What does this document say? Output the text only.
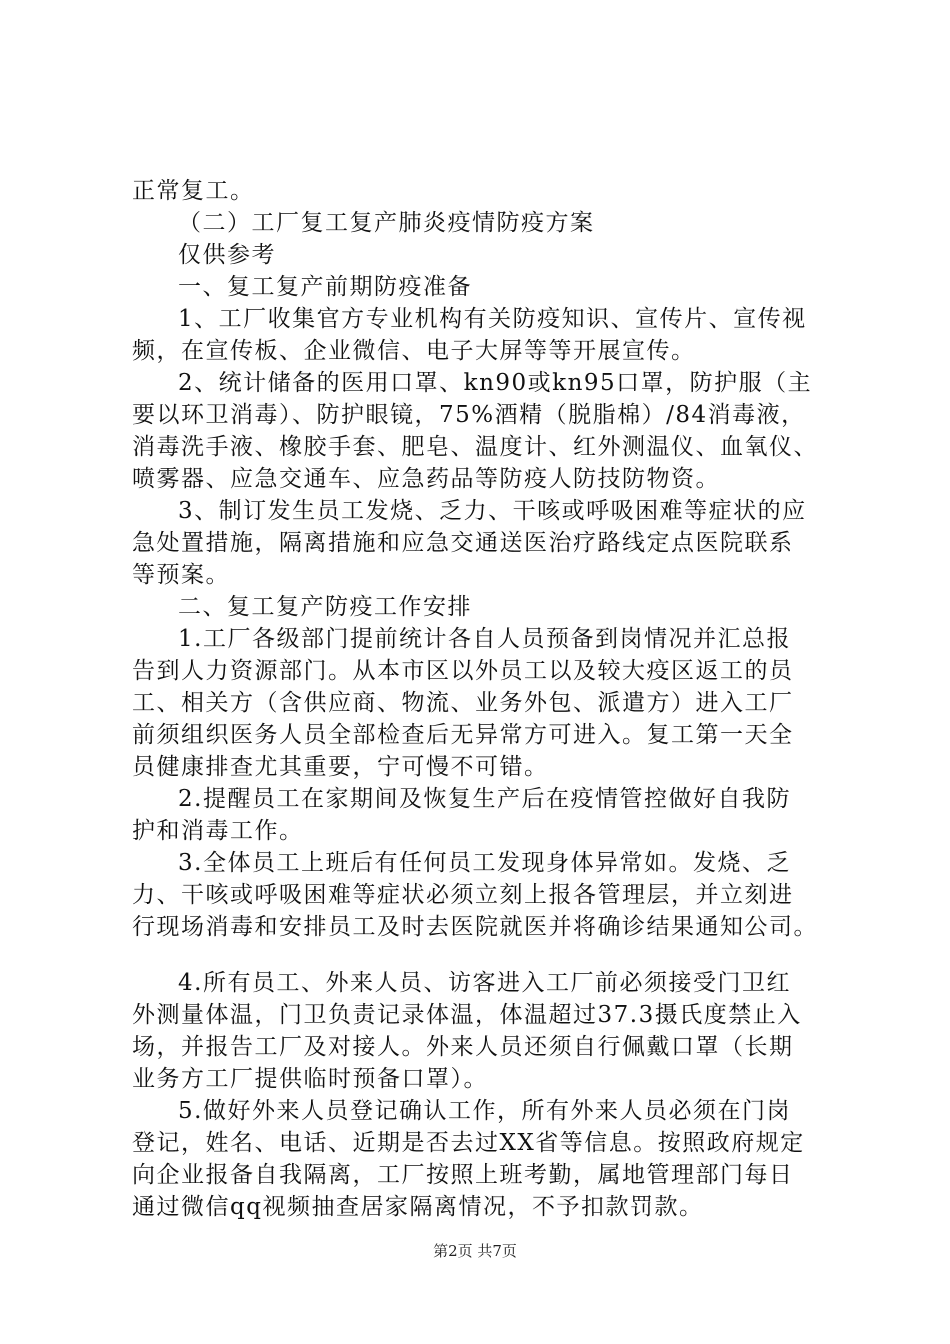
正常复工。
（二）工厂复工复产肺炎疫情防疫方案
仅供参考
一、复工复产前期防疫准备
1、工厂收集官方专业机构有关防疫知识、宣传片、宣传视
频，在宣传板、企业微信、电子大屏等等开展宣传。
2、统计储备的医用口罩、kn90或kn95口罩，防护服（主
要以环卫消毒）、防护眼镜，75%酒精（脱脂棉）/84消毒液，
消毒洗手液、橡胶手套、肥皂、温度计、红外测温仪、血氧仪、
喷雾器、应急交通车、应急药品等防疫人防技防物资。
3、制订发生员工发烧、乏力、干咳或呼吸困难等症状的应
急处置措施，隔离措施和应急交通送医治疗路线定点医院联系
等预案。
二、复工复产防疫工作安排
1.工厂各级部门提前统计各自人员预备到岗情况并汇总报
告到人力资源部门。从本市区以外员工以及较大疫区返工的员
工、相关方（含供应商、物流、业务外包、派遣方）进入工厂
前须组织医务人员全部检查后无异常方可进入。复工第一天全
员健康排查尤其重要，宁可慢不可错。
2.提醒员工在家期间及恢复生产后在疫情管控做好自我防
护和消毒工作。
3.全体员工上班后有任何员工发现身体异常如。发烧、乏
力、干咳或呼吸困难等症状必须立刻上报各管理层，并立刻进
行现场消毒和安排员工及时去医院就医并将确诊结果通知公司。
4.所有员工、外来人员、访客进入工厂前必须接受门卫红
外测量体温，门卫负责记录体温，体温超过37.3摄氏度禁止入
场，并报告工厂及对接人。外来人员还须自行佩戴口罩（长期
业务方工厂提供临时预备口罩）。
5.做好外来人员登记确认工作，所有外来人员必须在门岗
登记，姓名、电话、近期是否去过XX省等信息。按照政府规定
向企业报备自我隔离，工厂按照上班考勤，属地管理部门每日
通过微信qq视频抽查居家隔离情况，不予扣款罚款。
第2页 共7页
